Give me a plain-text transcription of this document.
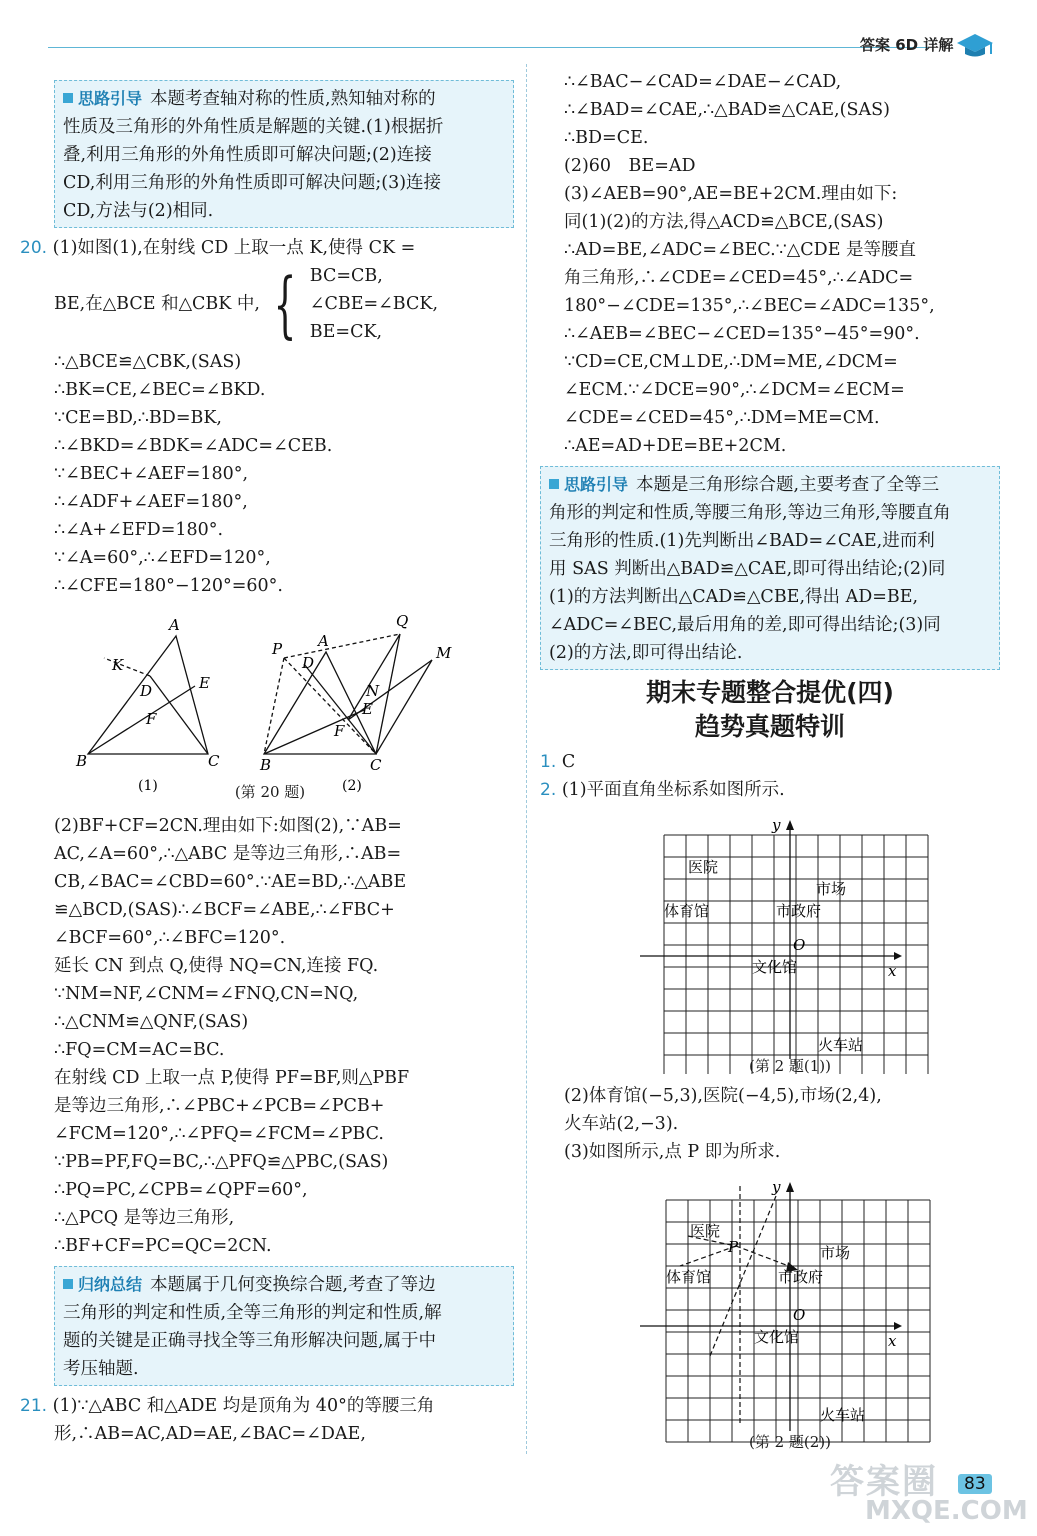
答案 6D 详解
思路引导 本题考查轴对称的性质,熟知轴对称的
性质及三角形的外角性质是解题的关键.(1)根据折
叠,利用三角形的外角性质即可解决问题;(2)连接
CD,利用三角形的外角性质即可解决问题;(3)连接
CD,方法与(2)相同.
20. (1)如图(1),在射线 CD 上取一点 K,使得 CK =
BE,在△BCE 和△CBK 中, { BC=CB,
∠CBE=∠BCK,
BE=CK,
∴△BCE≌△CBK,(SAS)
∴BK=CE,∠BEC=∠BKD.
∵CE=BD,∴BD=BK,
∴∠BKD=∠BDK=∠ADC=∠CEB.
∵∠BEC+∠AEF=180°,
∴∠ADF+∠AEF=180°,
∴∠A+∠EFD=180°.
∵∠A=60°,∴∠EFD=120°,
∴∠CFE=180°−120°=60°.
A
B	C
D	E
F
K
A
B	C
D
E
F
P
Q
M
N
(1)	(2)
(第 20 题)
(2)BF+CF=2CN.理由如下:如图(2),∵AB=
AC,∠A=60°,∴△ABC 是等边三角形,∴AB=
CB,∠BAC=∠CBD=60°.∵AE=BD,∴△ABE
≌△BCD,(SAS)∴∠BCF=∠ABE,∴∠FBC+
∠BCF=60°,∴∠BFC=120°.
延长 CN 到点 Q,使得 NQ=CN,连接 FQ.
∵NM=NF,∠CNM=∠FNQ,CN=NQ,
∴△CNM≌△QNF,(SAS)
∴FQ=CM=AC=BC.
在射线 CD 上取一点 P,使得 PF=BF,则△PBF
是等边三角形,∴∠PBC+∠PCB=∠PCB+
∠FCM=120°,∴∠PFQ=∠FCM=∠PBC.
∵PB=PF,FQ=BC,∴△PFQ≌△PBC,(SAS)
∴PQ=PC,∠CPB=∠QPF=60°,
∴△PCQ 是等边三角形,
∴BF+CF=PC=QC=2CN.
归纳总结 本题属于几何变换综合题,考查了等边
三角形的判定和性质,全等三角形的判定和性质,解
题的关键是正确寻找全等三角形解决问题,属于中
考压轴题.
21. (1)∵△ABC 和△ADE 均是顶角为 40°的等腰三角
形,∴AB=AC,AD=AE,∠BAC=∠DAE,
∴∠BAC−∠CAD=∠DAE−∠CAD,
∴∠BAD=∠CAE,∴△BAD≌△CAE,(SAS)
∴BD=CE.
(2)60　BE=AD
(3)∠AEB=90°,AE=BE+2CM.理由如下:
同(1)(2)的方法,得△ACD≌△BCE,(SAS)
∴AD=BE,∠ADC=∠BEC.∵△CDE 是等腰直
角三角形,∴∠CDE=∠CED=45°,∴∠ADC=
180°−∠CDE=135°,∴∠BEC=∠ADC=135°,
∴∠AEB=∠BEC−∠CED=135°−45°=90°.
∵CD=CE,CM⊥DE,∴DM=ME,∠DCM=
∠ECM.∵∠DCE=90°,∴∠DCM=∠ECM=
∠CDE=∠CED=45°,∴DM=ME=CM.
∴AE=AD+DE=BE+2CM.
思路引导 本题是三角形综合题,主要考查了全等三
角形的判定和性质,等腰三角形,等边三角形,等腰直角
三角形的性质.(1)先判断出∠BAD=∠CAE,进而利
用 SAS 判断出△BAD≌△CAE,即可得出结论;(2)同
(1)的方法判断出△CAD≌△CBE,得出 AD=BE,
∠ADC=∠BEC,最后用角的差,即可得出结论;(3)同
(2)的方法,即可得出结论.
期末专题整合提优(四)
趋势真题特训
1. C
2. (1)平面直角坐标系如图所示.
x
y
O
医院
市场
体育馆	市政府
文化馆
火车站
(第 2 题(1))
(2)体育馆(−5,3),医院(−4,5),市场(2,4),
火车站(2,−3).
(3)如图所示,点 P 即为所求.
x
y
O
P
医院
市场
体育馆	市政府
文化馆
火车站
(第 2 题(2))
答案圈
MXQE.COM
83
